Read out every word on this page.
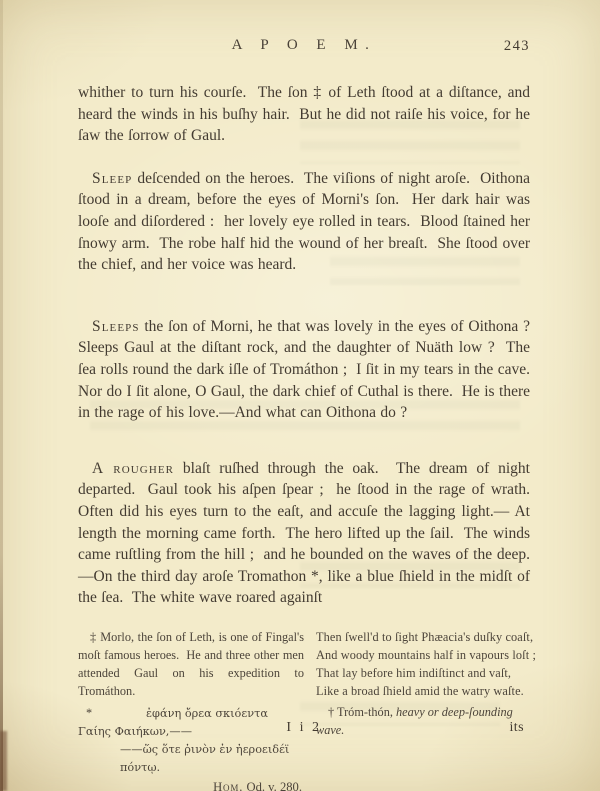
A P O E M.	243

whither to turn his courſe.  The ſon ‡ of Leth ſtood at a diſtance, and heard the winds in his buſhy hair.  But he did not raiſe his voice, for he ſaw the ſorrow of Gaul.

Sleep deſcended on the heroes.  The viſions of night aroſe.  Oithona ſtood in a dream, before the eyes of Morni's ſon.  Her dark hair was looſe and diſordered :  her lovely eye rolled in tears.  Blood ſtained her ſnowy arm.  The robe half hid the wound of her breaſt.  She ſtood over the chief, and her voice was heard.

Sleeps the ſon of Morni, he that was lovely in the eyes of Oithona ?  Sleeps Gaul at the diſtant rock, and the daughter of Nuäth low ?  The ſea rolls round the dark iſle of Tromáthon ;  I ſit in my tears in the cave.  Nor do I ſit alone, O Gaul, the dark chief of Cuthal is there.  He is there in the rage of his love.—And what can Oithona do ?

A rougher blaſt ruſhed through the oak.  The dream of night departed.  Gaul took his aſpen ſpear ;  he ſtood in the rage of wrath.  Often did his eyes turn to the eaſt, and accuſe the lagging light.— At length the morning came forth.  The hero lifted up the ſail.  The winds came ruſtling from the hill ;  and he bounded on the waves of the deep.—On the third day aroſe Tromathon *, like a blue ſhield in the midſt of the ſea.  The white wave roared againſt

‡ Morlo, the ſon of Leth, is one of Fingal's moſt famous heroes.  He and three other men attended Gaul on his expedition to Tromáthon.

*	ἐφάνη ὄρεα σκιόεντα
Γαίης Φαιήκων,——
——ὥς ὅτε ῥινὸν ἐν ἠεροειδέϊ πόντῳ.
Hom. Od. v. 280.
Then ſwell'd to ſight Phæacia's duſky coaſt,
And woody mountains half in vapours loſt ;
That lay before him indiſtinct and vaſt,
Like a broad ſhield amid the watry waſte.
† Tróm-thón, heavy or deep-ſounding wave.
I i 2	its
